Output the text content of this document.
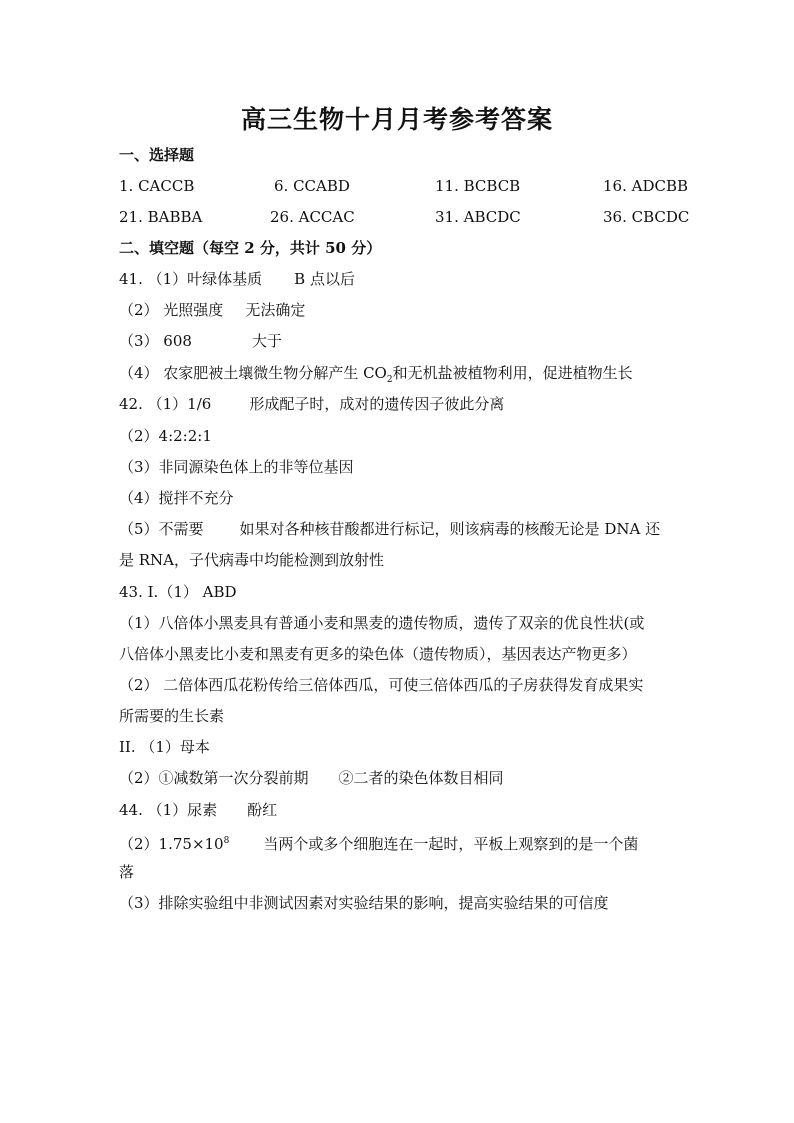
高三生物十月月考参考答案
一、选择题
1. CACCB	6. CCABD	11. BCBCB	16. ADCBB
21. BABBA	26. ACCAC	31. ABCDC	36. CBCDC
二、填空题（每空 2 分，共计 50 分）
41. （1）叶绿体基质 B 点以后
（2） 光照强度 无法确定
（3） 608	大于
（4） 农家肥被土壤微生物分解产生 $CO_2$和无机盐被植物利用，促进植物生长
42. （1）1/6	形成配子时，成对的遗传因子彼此分离
（2）4:2:2:1
（3）非同源染色体上的非等位基因
（4）搅拌不充分
（5）不需要 如果对各种核苷酸都进行标记，则该病毒的核酸无论是 DNA 还
是 RNA，子代病毒中均能检测到放射性
43. I.（1） ABD
（1）八倍体小黑麦具有普通小麦和黑麦的遗传物质，遗传了双亲的优良性状(或
八倍体小黑麦比小麦和黑麦有更多的染色体（遗传物质），基因表达产物更多）
（2） 二倍体西瓜花粉传给三倍体西瓜，可使三倍体西瓜的子房获得发育成果实
所需要的生长素
II. （1）母本
（2）①减数第一次分裂前期 ②二者的染色体数目相同
44. （1）尿素 酚红
$(2)1.75\times 10^8$ 当两个或多个细胞连在一起时，平板上观察到的是一个菌
落
（3）排除实验组中非测试因素对实验结果的影响，提高实验结果的可信度
